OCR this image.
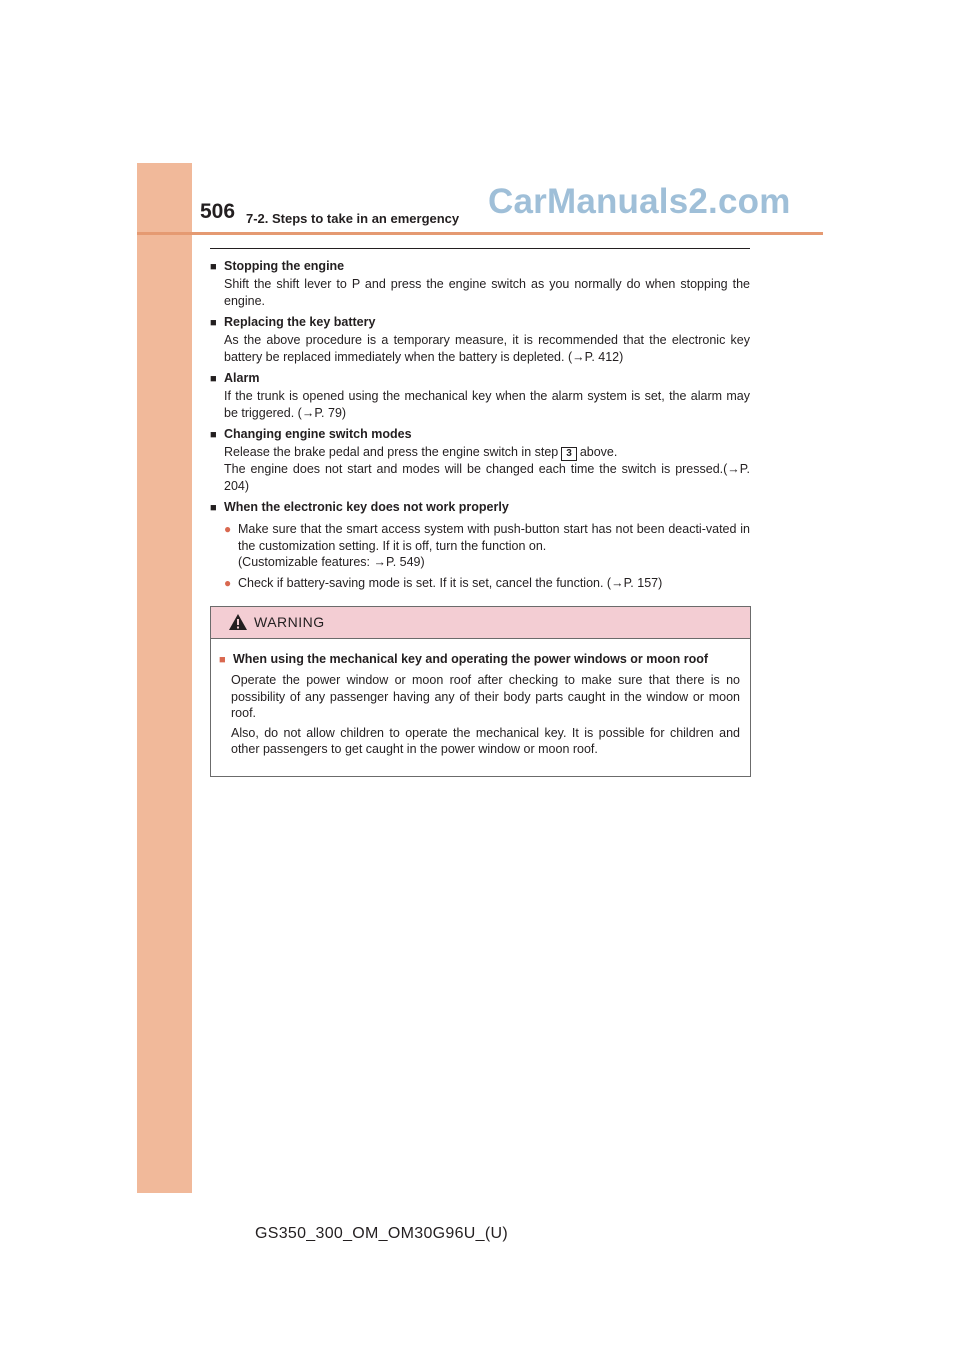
506 7-2. Steps to take in an emergency CarManuals2.com
■ Stopping the engine
Shift the shift lever to P and press the engine switch as you normally do when stopping the engine.
■ Replacing the key battery
As the above procedure is a temporary measure, it is recommended that the electronic key battery be replaced immediately when the battery is depleted. (→P. 412)
■ Alarm
If the trunk is opened using the mechanical key when the alarm system is set, the alarm may be triggered. (→P. 79)
■ Changing engine switch modes
Release the brake pedal and press the engine switch in step 3 above.
The engine does not start and modes will be changed each time the switch is pressed.(→P. 204)
■ When the electronic key does not work properly
● Make sure that the smart access system with push-button start has not been deacti-vated in the customization setting. If it is off, turn the function on.
(Customizable features: →P. 549)
● Check if battery-saving mode is set. If it is set, cancel the function. (→P. 157)
WARNING
■ When using the mechanical key and operating the power windows or moon roof
Operate the power window or moon roof after checking to make sure that there is no possibility of any passenger having any of their body parts caught in the window or moon roof.
Also, do not allow children to operate the mechanical key. It is possible for children and other passengers to get caught in the power window or moon roof.
GS350_300_OM_OM30G96U_(U)
